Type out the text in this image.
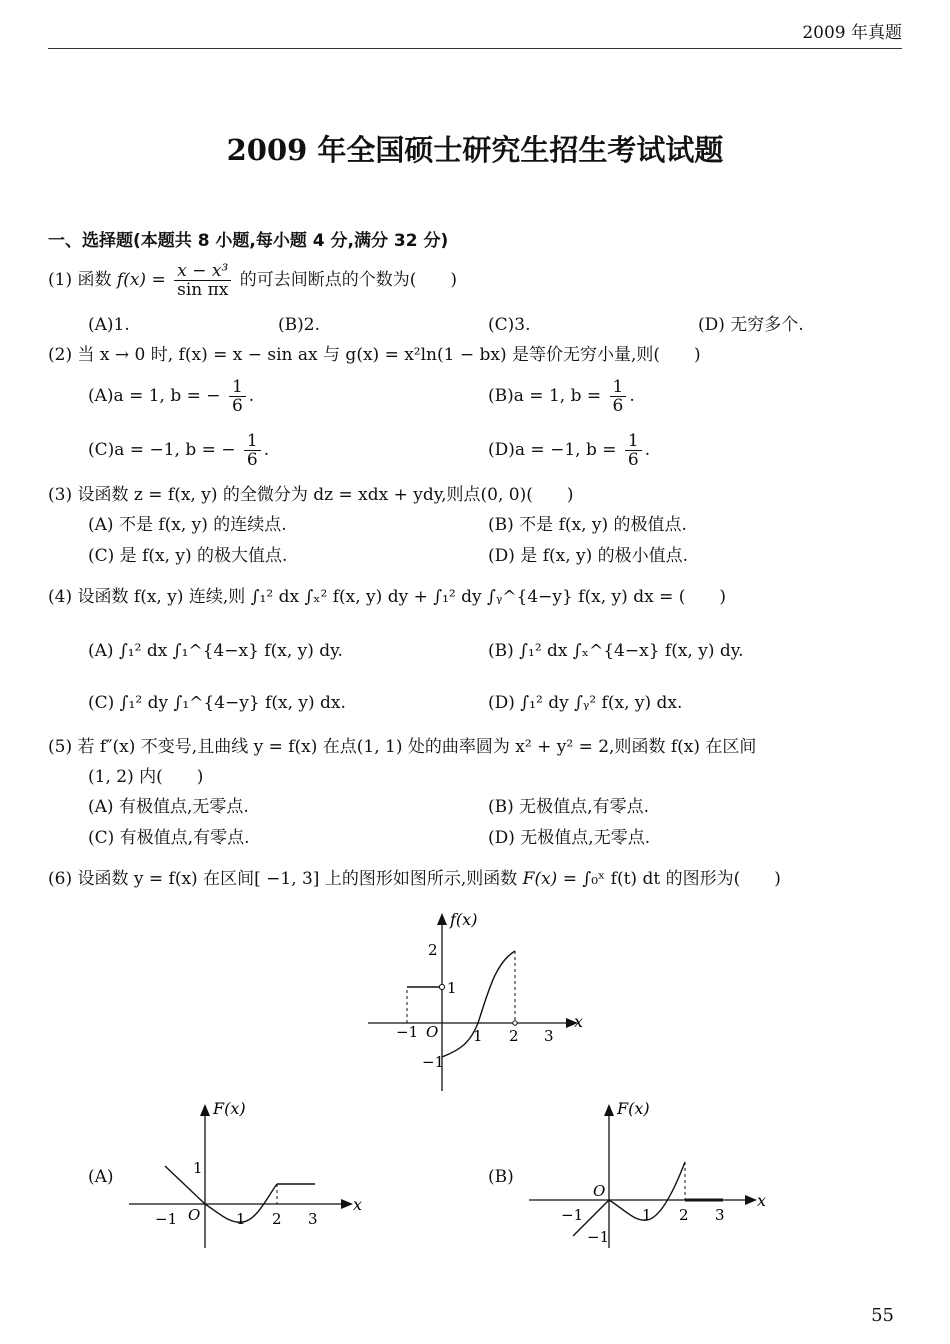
2009 年真题
2009 年全国硕士研究生招生考试试题
一、选择题(本题共 8 小题,每小题 4 分,满分 32 分)
(1) 函数 $f(x) = \frac{\text{x − x³}}{\text{sin πx}}$ 的可去间断点的个数为(　　)
(A)1.	(B)2.	(C)3.	(D) 无穷多个.
(2) 当 x → 0 时, f(x) = x − sin ax 与 g(x) = x²ln(1 − bx) 是等价无穷小量,则(　　)
(A)a = 1, b = − $\frac{1}{6}$ .	(B)a = 1, $b = \frac{1}{6}$ .
(C)a = −1, b = − $\frac{1}{6}$ .	(D)a = −1, $b = \frac{1}{6}$ .
(3) 设函数 z = f(x, y) 的全微分为 dz = xdx + ydy,则点(0, 0)(　　)
(A) 不是 f(x, y) 的连续点.	(B) 不是 f(x, y) 的极值点.
(C) 是 f(x, y) 的极大值点.	(D) 是 f(x, y) 的极小值点.
(4) 设函数 f(x, y) 连续,则 ∫₁² dx ∫ₓ² f(x, y) dy + ∫₁² dy ∫ᵧ^{4−y} f(x, y) dx = (　　)
(A) ∫₁² dx ∫₁^{4−x} f(x, y) dy.	(B) ∫₁² dx ∫ₓ^{4−x} f(x, y) dy.
(C) ∫₁² dy ∫₁^{4−y} f(x, y) dx.	(D) ∫₁² dy ∫ᵧ² f(x, y) dx.
(5) 若 f″(x) 不变号,且曲线 y = f(x) 在点(1, 1) 处的曲率圆为 x² + y² = 2,则函数 f(x) 在区间
(1, 2) 内(　　)
(A) 有极值点,无零点.	(B) 无极值点,有零点.
(C) 有极值点,有零点.	(D) 无极值点,无零点.
(6) 设函数 y = f(x) 在区间[ −1, 3] 上的图形如图所示,则函数 F(x) = ∫₀ˣ f(t) dt 的图形为(　　)
f(x)
x
O
−1	1 2 3
2
1
−1
(A)
F(x)
x
O
−1	1 2 3
1	(B)
F(x)
x
O
−1	1 2 3
−1
55
